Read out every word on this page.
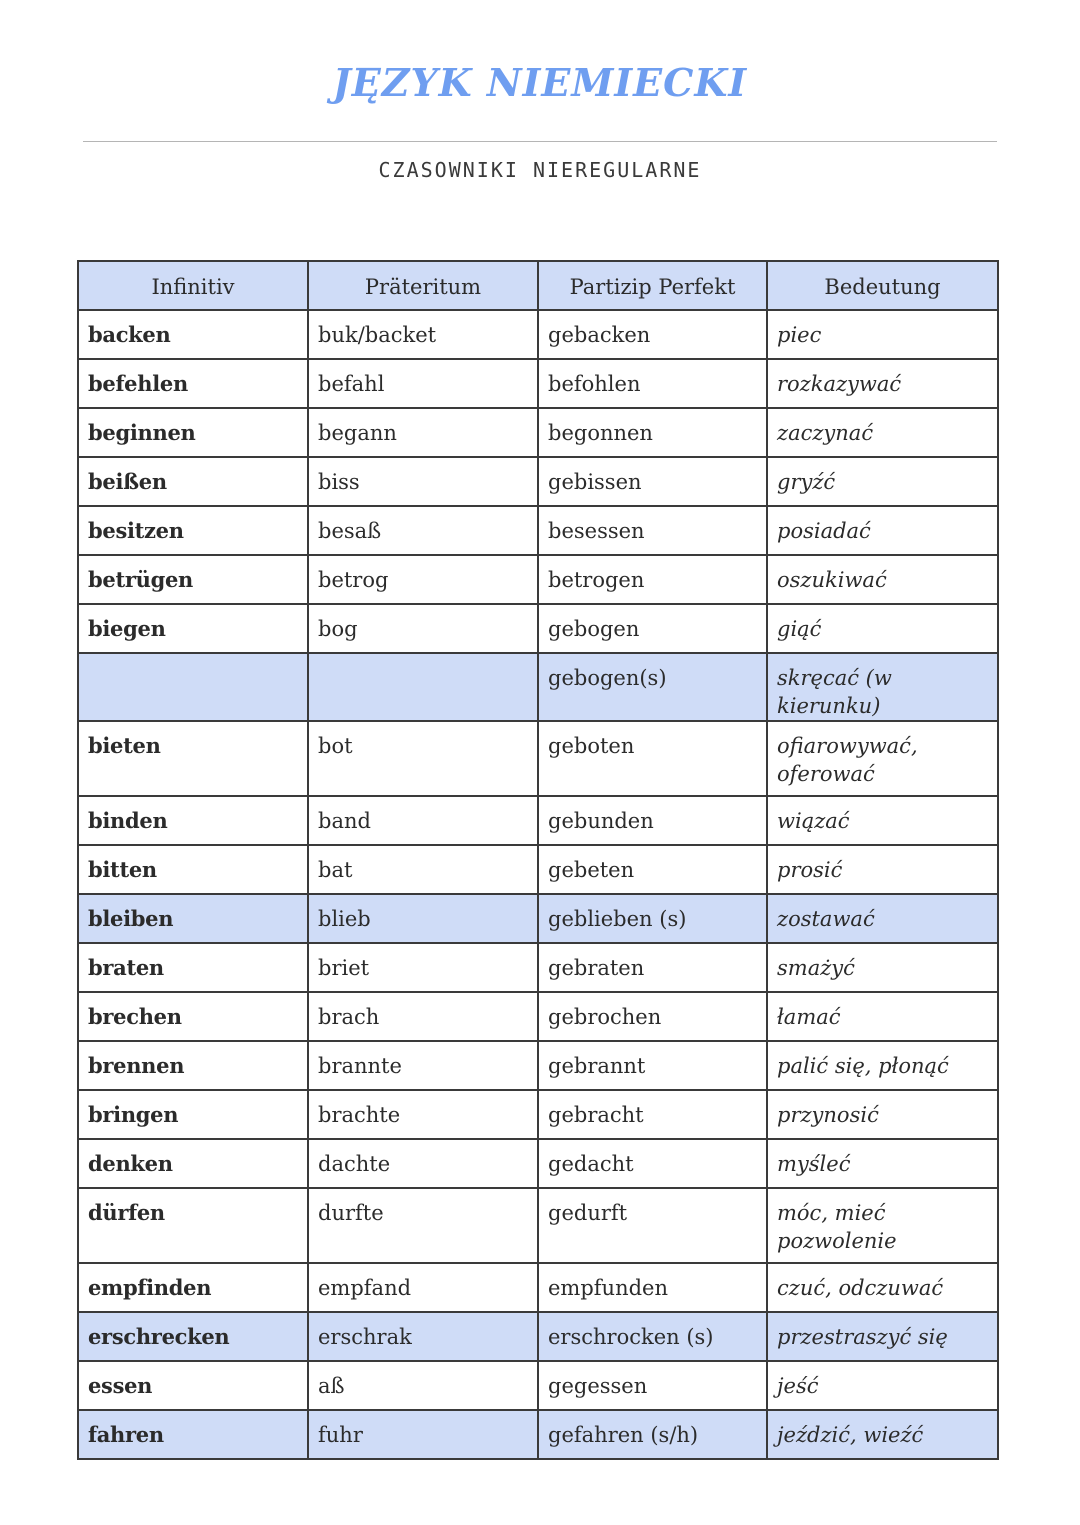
JĘZYK NIEMIECKI
CZASOWNIKI NIEREGULARNE
Infinitiv	Präteritum	Partizip Perfekt	Bedeutung
backen	buk/backet	gebacken	piec
befehlen	befahl	befohlen	rozkazywać
beginnen	begann	begonnen	zaczynać
beißen	biss	gebissen	gryźć
besitzen	besaß	besessen	posiadać
betrügen	betrog	betrogen	oszukiwać
biegen	bog	gebogen	giąć
		gebogen(s)	skręcać (w kierunku)
bieten	bot	geboten	ofiarowywać, oferować
binden	band	gebunden	wiązać
bitten	bat	gebeten	prosić
bleiben	blieb	geblieben (s)	zostawać
braten	briet	gebraten	smażyć
brechen	brach	gebrochen	łamać
brennen	brannte	gebrannt	palić się, płonąć
bringen	brachte	gebracht	przynosić
denken	dachte	gedacht	myśleć
dürfen	durfte	gedurft	móc, mieć pozwolenie
empfinden	empfand	empfunden	czuć, odczuwać
erschrecken	erschrak	erschrocken (s)	przestraszyć się
essen	aß	gegessen	jeść
fahren	fuhr	gefahren (s/h)	jeździć, wieźć
